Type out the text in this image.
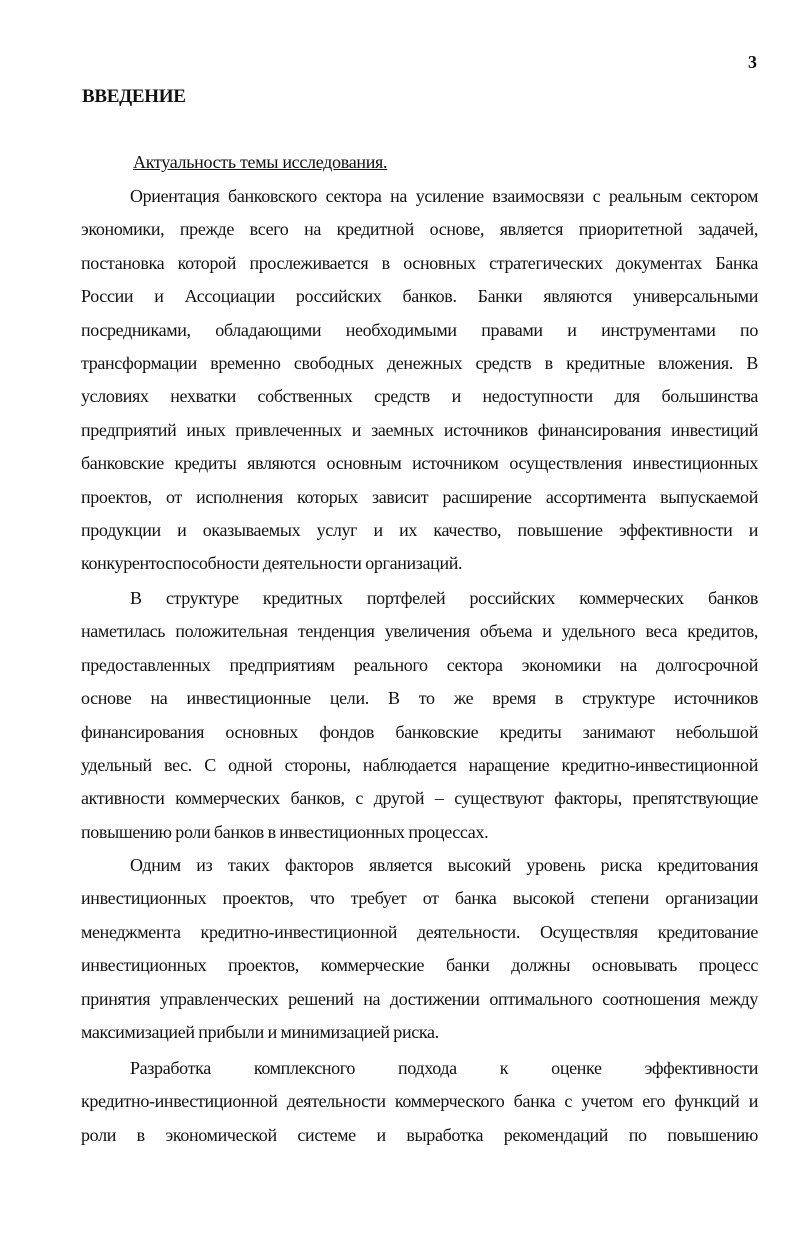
3
ВВЕДЕНИЕ
Актуальность темы исследования.
Ориентация банковского сектора на усиление взаимосвязи с реальным сектором
экономики, прежде всего на кредитной основе, является приоритетной задачей,
постановка которой прослеживается в основных стратегических документах Банка
России и Ассоциации российских банков. Банки являются универсальными
посредниками, обладающими необходимыми правами и инструментами по
трансформации временно свободных денежных средств в кредитные вложения. В
условиях нехватки собственных средств и недоступности для большинства
предприятий иных привлеченных и заемных источников финансирования инвестиций
банковские кредиты являются основным источником осуществления инвестиционных
проектов, от исполнения которых зависит расширение ассортимента выпускаемой
продукции и оказываемых услуг и их качество, повышение эффективности и
конкурентоспособности деятельности организаций.
В структуре кредитных портфелей российских коммерческих банков
наметилась положительная тенденция увеличения объема и удельного веса кредитов,
предоставленных предприятиям реального сектора экономики на долгосрочной
основе на инвестиционные цели. В то же время в структуре источников
финансирования основных фондов банковские кредиты занимают небольшой
удельный вес. С одной стороны, наблюдается наращение кредитно-инвестиционной
активности коммерческих банков, с другой – существуют факторы, препятствующие
повышению роли банков в инвестиционных процессах.
Одним из таких факторов является высокий уровень риска кредитования
инвестиционных проектов, что требует от банка высокой степени организации
менеджмента кредитно-инвестиционной деятельности. Осуществляя кредитование
инвестиционных проектов, коммерческие банки должны основывать процесс
принятия управленческих решений на достижении оптимального соотношения между
максимизацией прибыли и минимизацией риска.
Разработка комплексного подхода к оценке эффективности
кредитно-инвестиционной деятельности коммерческого банка с учетом его функций и
роли в экономической системе и выработка рекомендаций по повышению
